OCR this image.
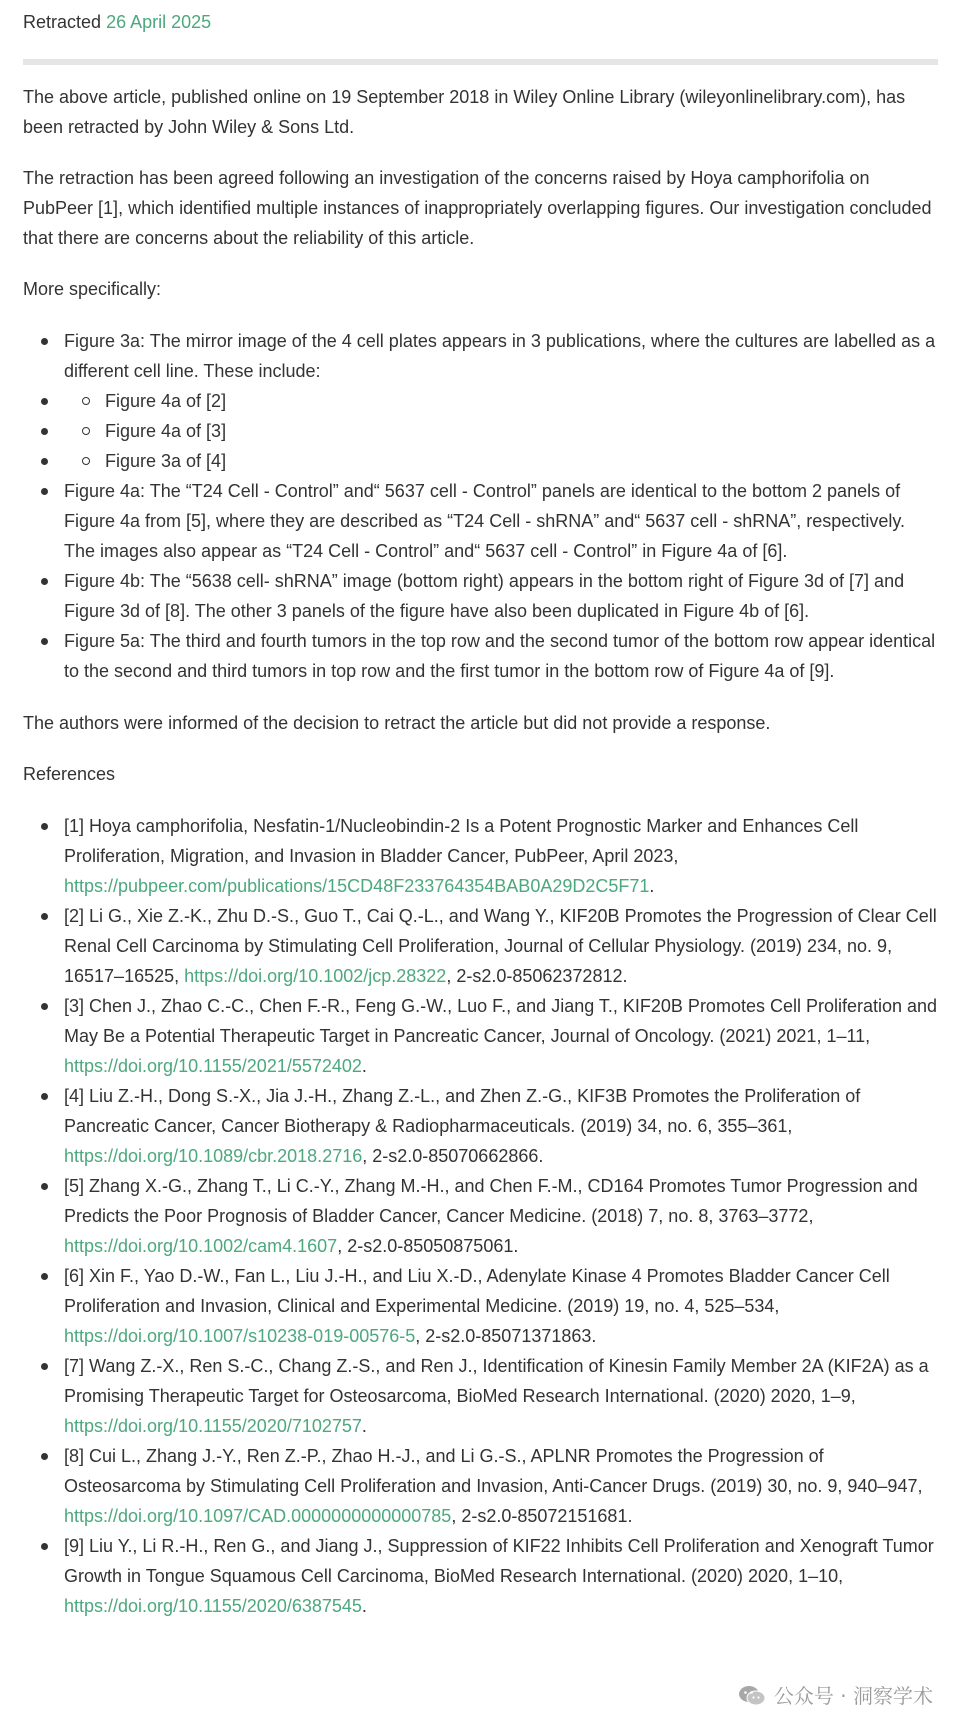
Retracted 26 April 2025

The above article, published online on 19 September 2018 in Wiley Online Library (wileyonlinelibrary.com), has been retracted by John Wiley & Sons Ltd.

The retraction has been agreed following an investigation of the concerns raised by Hoya camphorifolia on PubPeer [1], which identified multiple instances of inappropriately overlapping figures. Our investigation concluded that there are concerns about the reliability of this article.

More specifically:

Figure 3a: The mirror image of the 4 cell plates appears in 3 publications, where the cultures are labelled as a different cell line. These include:
Figure 4a of [2]
Figure 4a of [3]
Figure 3a of [4]
Figure 4a: The “T24 Cell - Control” and“ 5637 cell - Control” panels are identical to the bottom 2 panels of Figure 4a from [5], where they are described as “T24 Cell - shRNA” and“ 5637 cell - shRNA”, respectively. The images also appear as “T24 Cell - Control” and“ 5637 cell - Control” in Figure 4a of [6].
Figure 4b: The “5638 cell- shRNA” image (bottom right) appears in the bottom right of Figure 3d of [7] and Figure 3d of [8]. The other 3 panels of the figure have also been duplicated in Figure 4b of [6].
Figure 5a: The third and fourth tumors in the top row and the second tumor of the bottom row appear identical to the second and third tumors in top row and the first tumor in the bottom row of Figure 4a of [9].

The authors were informed of the decision to retract the article but did not provide a response.

References

[1] Hoya camphorifolia, Nesfatin-1/Nucleobindin-2 Is a Potent Prognostic Marker and Enhances Cell Proliferation, Migration, and Invasion in Bladder Cancer, PubPeer, April 2023, https://pubpeer.com/publications/15CD48F233764354BAB0A29D2C5F71.
[2] Li G., Xie Z.-K., Zhu D.-S., Guo T., Cai Q.-L., and Wang Y., KIF20B Promotes the Progression of Clear Cell Renal Cell Carcinoma by Stimulating Cell Proliferation, Journal of Cellular Physiology. (2019) 234, no. 9, 16517–16525, https://doi.org/10.1002/jcp.28322, 2-s2.0-85062372812.
[3] Chen J., Zhao C.-C., Chen F.-R., Feng G.-W., Luo F., and Jiang T., KIF20B Promotes Cell Proliferation and May Be a Potential Therapeutic Target in Pancreatic Cancer, Journal of Oncology. (2021) 2021, 1–11, https://doi.org/10.1155/2021/5572402.
[4] Liu Z.-H., Dong S.-X., Jia J.-H., Zhang Z.-L., and Zhen Z.-G., KIF3B Promotes the Proliferation of Pancreatic Cancer, Cancer Biotherapy & Radiopharmaceuticals. (2019) 34, no. 6, 355–361, https://doi.org/10.1089/cbr.2018.2716, 2-s2.0-85070662866.
[5] Zhang X.-G., Zhang T., Li C.-Y., Zhang M.-H., and Chen F.-M., CD164 Promotes Tumor Progression and Predicts the Poor Prognosis of Bladder Cancer, Cancer Medicine. (2018) 7, no. 8, 3763–3772, https://doi.org/10.1002/cam4.1607, 2-s2.0-85050875061.
[6] Xin F., Yao D.-W., Fan L., Liu J.-H., and Liu X.-D., Adenylate Kinase 4 Promotes Bladder Cancer Cell Proliferation and Invasion, Clinical and Experimental Medicine. (2019) 19, no. 4, 525–534, https://doi.org/10.1007/s10238-019-00576-5, 2-s2.0-85071371863.
[7] Wang Z.-X., Ren S.-C., Chang Z.-S., and Ren J., Identification of Kinesin Family Member 2A (KIF2A) as a Promising Therapeutic Target for Osteosarcoma, BioMed Research International. (2020) 2020, 1–9, https://doi.org/10.1155/2020/7102757.
[8] Cui L., Zhang J.-Y., Ren Z.-P., Zhao H.-J., and Li G.-S., APLNR Promotes the Progression of Osteosarcoma by Stimulating Cell Proliferation and Invasion, Anti-Cancer Drugs. (2019) 30, no. 9, 940–947, https://doi.org/10.1097/CAD.0000000000000785, 2-s2.0-85072151681.
[9] Liu Y., Li R.-H., Ren G., and Jiang J., Suppression of KIF22 Inhibits Cell Proliferation and Xenograft Tumor Growth in Tongue Squamous Cell Carcinoma, BioMed Research International. (2020) 2020, 1–10, https://doi.org/10.1155/2020/6387545.
公众号 · 洞察学术
